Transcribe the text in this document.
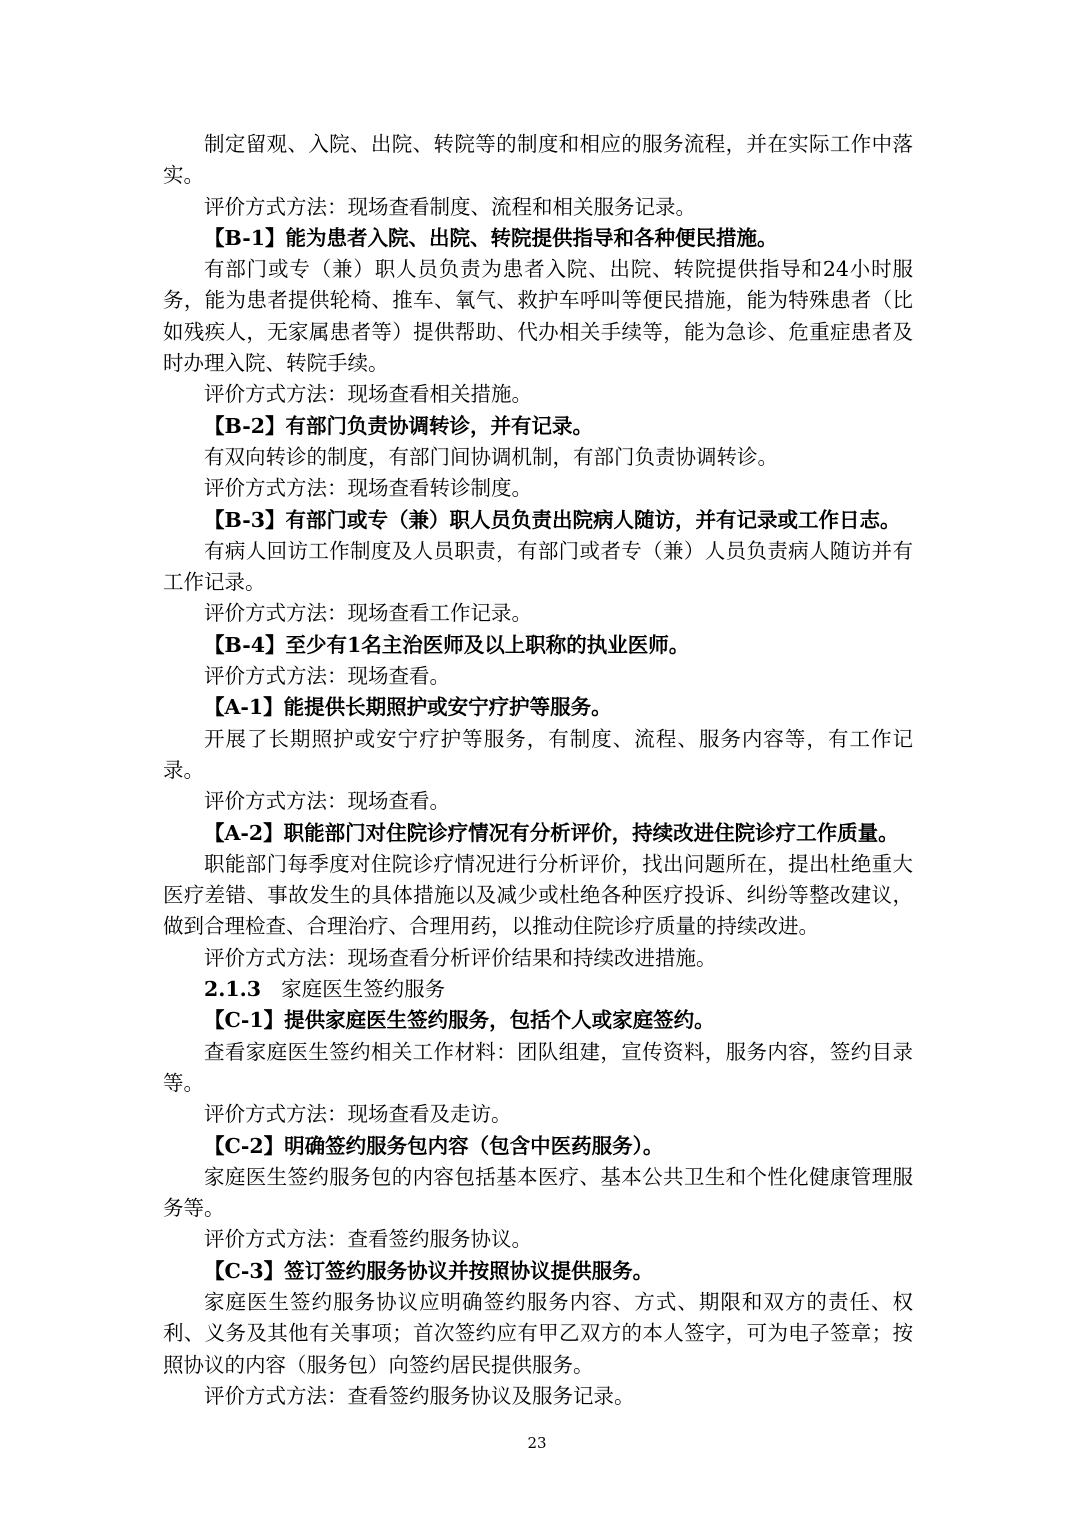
制定留观、入院、出院、转院等的制度和相应的服务流程，并在实际工作中落实。

评价方式方法：现场查看制度、流程和相关服务记录。

【B-1】能为患者入院、出院、转院提供指导和各种便民措施。

有部门或专（兼）职人员负责为患者入院、出院、转院提供指导和24小时服务，能为患者提供轮椅、推车、氧气、救护车呼叫等便民措施，能为特殊患者（比如残疾人，无家属患者等）提供帮助、代办相关手续等，能为急诊、危重症患者及时办理入院、转院手续。

评价方式方法：现场查看相关措施。

【B-2】有部门负责协调转诊，并有记录。

有双向转诊的制度，有部门间协调机制，有部门负责协调转诊。

评价方式方法：现场查看转诊制度。

【B-3】有部门或专（兼）职人员负责出院病人随访，并有记录或工作日志。

有病人回访工作制度及人员职责，有部门或者专（兼）人员负责病人随访并有工作记录。

评价方式方法：现场查看工作记录。

【B-4】至少有1名主治医师及以上职称的执业医师。

评价方式方法：现场查看。

【A-1】能提供长期照护或安宁疗护等服务。

开展了长期照护或安宁疗护等服务，有制度、流程、服务内容等，有工作记录。

评价方式方法：现场查看。

【A-2】职能部门对住院诊疗情况有分析评价，持续改进住院诊疗工作质量。

职能部门每季度对住院诊疗情况进行分析评价，找出问题所在，提出杜绝重大医疗差错、事故发生的具体措施以及减少或杜绝各种医疗投诉、纠纷等整改建议，做到合理检查、合理治疗、合理用药，以推动住院诊疗质量的持续改进。

评价方式方法：现场查看分析评价结果和持续改进措施。

2.1.3 家庭医生签约服务

【C-1】提供家庭医生签约服务，包括个人或家庭签约。

查看家庭医生签约相关工作材料：团队组建，宣传资料，服务内容，签约目录等。

评价方式方法：现场查看及走访。

【C-2】明确签约服务包内容（包含中医药服务）。

家庭医生签约服务包的内容包括基本医疗、基本公共卫生和个性化健康管理服务等。

评价方式方法：查看签约服务协议。

【C-3】签订签约服务协议并按照协议提供服务。

家庭医生签约服务协议应明确签约服务内容、方式、期限和双方的责任、权利、义务及其他有关事项；首次签约应有甲乙双方的本人签字，可为电子签章；按照协议的内容（服务包）向签约居民提供服务。

评价方式方法：查看签约服务协议及服务记录。

23
